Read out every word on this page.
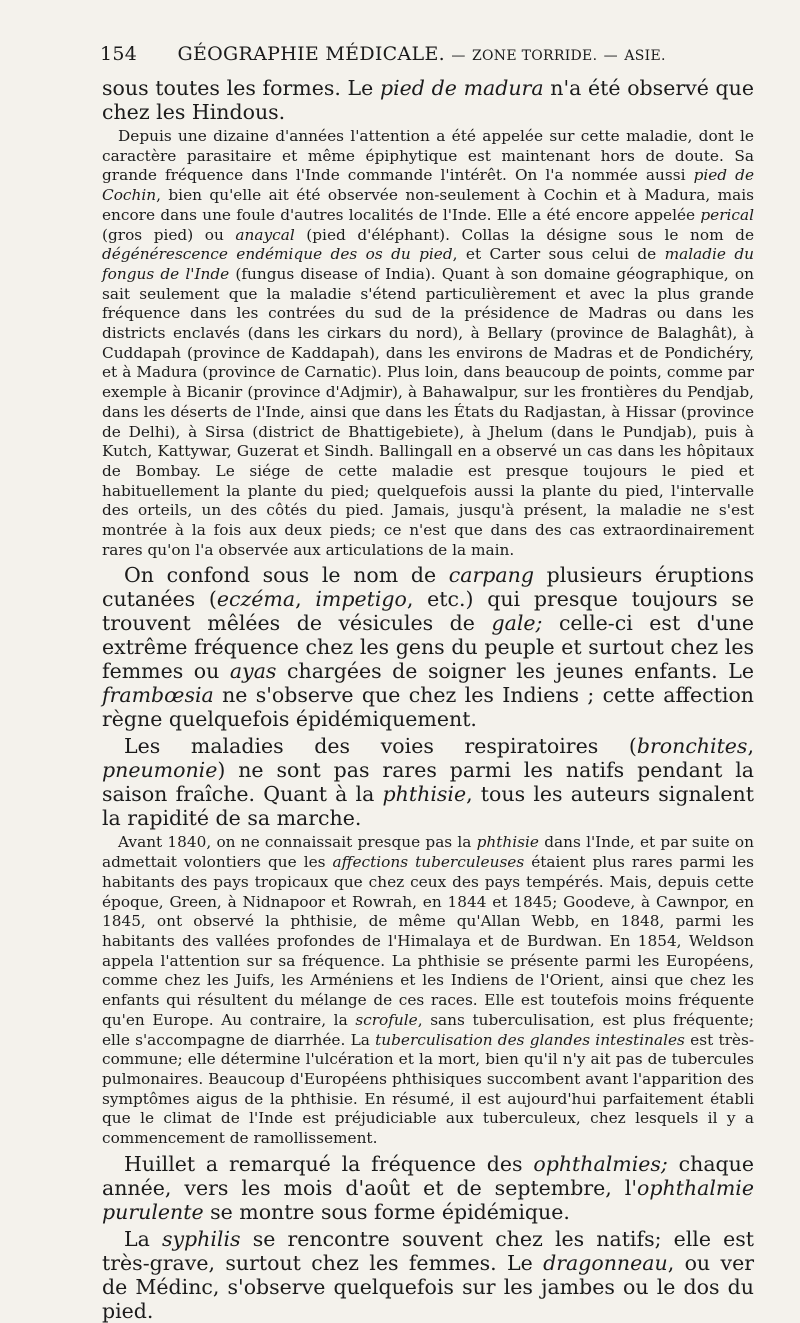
154 GÉOGRAPHIE MÉDICALE. — ZONE TORRIDE. — ASIE.

sous toutes les formes. Le pied de madura n'a été observé que chez les Hindous.

Depuis une dizaine d'années l'attention a été appelée sur cette maladie, dont le caractère parasitaire et même épiphytique est maintenant hors de doute. Sa grande fréquence dans l'Inde commande l'intérêt. On l'a nommée aussi pied de Cochin, bien qu'elle ait été observée non-seulement à Cochin et à Madura, mais encore dans une foule d'autres localités de l'Inde. Elle a été encore appelée perical (gros pied) ou anaycal (pied d'éléphant). Collas la désigne sous le nom de dégénérescence endémique des os du pied, et Carter sous celui de maladie du fongus de l'Inde (fungus disease of India). Quant à son domaine géographique, on sait seulement que la maladie s'étend particulièrement et avec la plus grande fréquence dans les contrées du sud de la présidence de Madras ou dans les districts enclavés (dans les cirkars du nord), à Bellary (province de Balaghât), à Cuddapah (province de Kaddapah), dans les environs de Madras et de Pondichéry, et à Madura (province de Carnatic). Plus loin, dans beaucoup de points, comme par exemple à Bicanir (province d'Adjmir), à Bahawalpur, sur les frontières du Pendjab, dans les déserts de l'Inde, ainsi que dans les États du Radjastan, à Hissar (province de Delhi), à Sirsa (district de Bhattigebiete), à Jhelum (dans le Pundjab), puis à Kutch, Kattywar, Guzerat et Sindh. Ballingall en a observé un cas dans les hôpitaux de Bombay. Le siége de cette maladie est presque toujours le pied et habituellement la plante du pied; quelquefois aussi la plante du pied, l'intervalle des orteils, un des côtés du pied. Jamais, jusqu'à présent, la maladie ne s'est montrée à la fois aux deux pieds; ce n'est que dans des cas extraordinairement rares qu'on l'a observée aux articulations de la main.

On confond sous le nom de carpang plusieurs éruptions cutanées (eczéma, impetigo, etc.) qui presque toujours se trouvent mêlées de vésicules de gale; celle-ci est d'une extrême fréquence chez les gens du peuple et surtout chez les femmes ou ayas chargées de soigner les jeunes enfants. Le frambœsia ne s'observe que chez les Indiens ; cette affection règne quelquefois épidémiquement.

Les maladies des voies respiratoires (bronchites, pneumonie) ne sont pas rares parmi les natifs pendant la saison fraîche. Quant à la phthisie, tous les auteurs signalent la rapidité de sa marche.

Avant 1840, on ne connaissait presque pas la phthisie dans l'Inde, et par suite on admettait volontiers que les affections tuberculeuses étaient plus rares parmi les habitants des pays tropicaux que chez ceux des pays tempérés. Mais, depuis cette époque, Green, à Nidnapoor et Rowrah, en 1844 et 1845; Goodeve, à Cawnpor, en 1845, ont observé la phthisie, de même qu'Allan Webb, en 1848, parmi les habitants des vallées profondes de l'Himalaya et de Burdwan. En 1854, Weldson appela l'attention sur sa fréquence. La phthisie se présente parmi les Européens, comme chez les Juifs, les Arméniens et les Indiens de l'Orient, ainsi que chez les enfants qui résultent du mélange de ces races. Elle est toutefois moins fréquente qu'en Europe. Au contraire, la scrofule, sans tuberculisation, est plus fréquente; elle s'accompagne de diarrhée. La tuberculisation des glandes intestinales est très-commune; elle détermine l'ulcération et la mort, bien qu'il n'y ait pas de tubercules pulmonaires. Beaucoup d'Européens phthisiques succombent avant l'apparition des symptômes aigus de la phthisie. En résumé, il est aujourd'hui parfaitement établi que le climat de l'Inde est préjudiciable aux tuberculeux, chez lesquels il y a commencement de ramollissement.

Huillet a remarqué la fréquence des ophthalmies; chaque année, vers les mois d'août et de septembre, l'ophthalmie purulente se montre sous forme épidémique.

La syphilis se rencontre souvent chez les natifs; elle est très-grave, surtout chez les femmes. Le dragonneau, ou ver de Médinc, s'observe quelquefois sur les jambes ou le dos du pied.
